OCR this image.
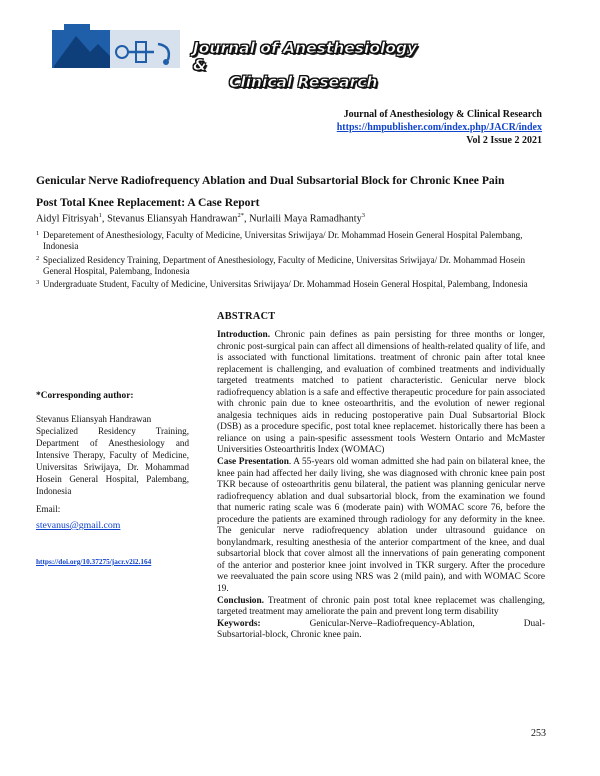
Journal of Anesthesiology &
Clinical Research
Journal of Anesthesiology & Clinical Research
https://hmpublisher.com/index.php/JACR/index
Vol 2 Issue 2 2021
Genicular Nerve Radiofrequency Ablation and Dual Subsartorial Block for Chronic Knee Pain
Post Total Knee Replacement: A Case Report
Aidyl Fitrisyah$^1$, Stevanus Eliansyah Handrawan$^{2*}$, Nurlaili Maya Ramadhanty$^3$
1 Deparetement of Anesthesiology, Faculty of Medicine, Universitas Sriwijaya/ Dr. Mohammad Hosein General Hospital Palembang, Indonesia
2 Specialized Residency Training, Department of Anesthesiology, Faculty of Medicine, Universitas Sriwijaya/ Dr. Mohammad Hosein General Hospital, Palembang, Indonesia
3 Undergraduate Student, Faculty of Medicine, Universitas Sriwijaya/ Dr. Mohammad Hosein General Hospital, Palembang, Indonesia
*Corresponding author:
Stevanus Eliansyah Handrawan
Specialized Residency Training, Department of Anesthesiology and Intensive Therapy, Faculty of Medicine, Universitas Sriwijaya, Dr. Mohammad Hosein General Hospital, Palembang, Indonesia
Email:
stevanus@gmail.com
https://doi.org/10.37275/jacr.v2i2.164
ABSTRACT

Introduction. Chronic pain defines as pain persisting for three months or longer, chronic post-surgical pain can affect all dimensions of health-related quality of life, and is associated with functional limitations. treatment of chronic pain after total knee replacement is challenging, and evaluation of combined treatments and individually targeted treatments matched to patient characteristic. Genicular nerve block radiofrequency ablation is a safe and effective therapeutic procedure for pain associated with chronic pain due to knee osteoarthritis, and the evolution of newer regional analgesia techniques aids in reducing postoperative pain Dual Subsartorial Block (DSB) as a procedure specific, post total knee replacemet. historically there has been a reliance on using a pain-spesific assessment tools Western Ontario and McMaster Universities Osteoarthritis Index (WOMAC)

Case Presentation. A 55-years old woman admitted she had pain on bilateral knee, the knee pain had affected her daily living, she was diagnosed with chronic knee pain post TKR because of osteoarthritis genu bilateral, the patient was planning genicular nerve radiofrequency ablation and dual subsartorial block, from the examination we found that numeric rating scale was 6 (moderate pain) with WOMAC score 76, before the procedure the patients are examined through radiology for any deformity in the knee. The genicular nerve radiofrequency ablation under ultrasound guidance on bonylandmark, resulting anesthesia of the anterior compartment of the knee, and dual subsartorial block that cover almost all the innervations of pain generating component of the anterior and posterior knee joint involved in TKR surgery. After the procedure we reevaluated the pain score using NRS was 2 (mild pain), and with WOMAC Score 19.

Conclusion. Treatment of chronic pain post total knee replacemet was challenging, targeted treatment may ameliorate the pain and prevent long term disability

Keywords:	Genicular-Nerve–Radiofrequency-Ablation,	Dual-
Subsartorial-block, Chronic knee pain.
253
